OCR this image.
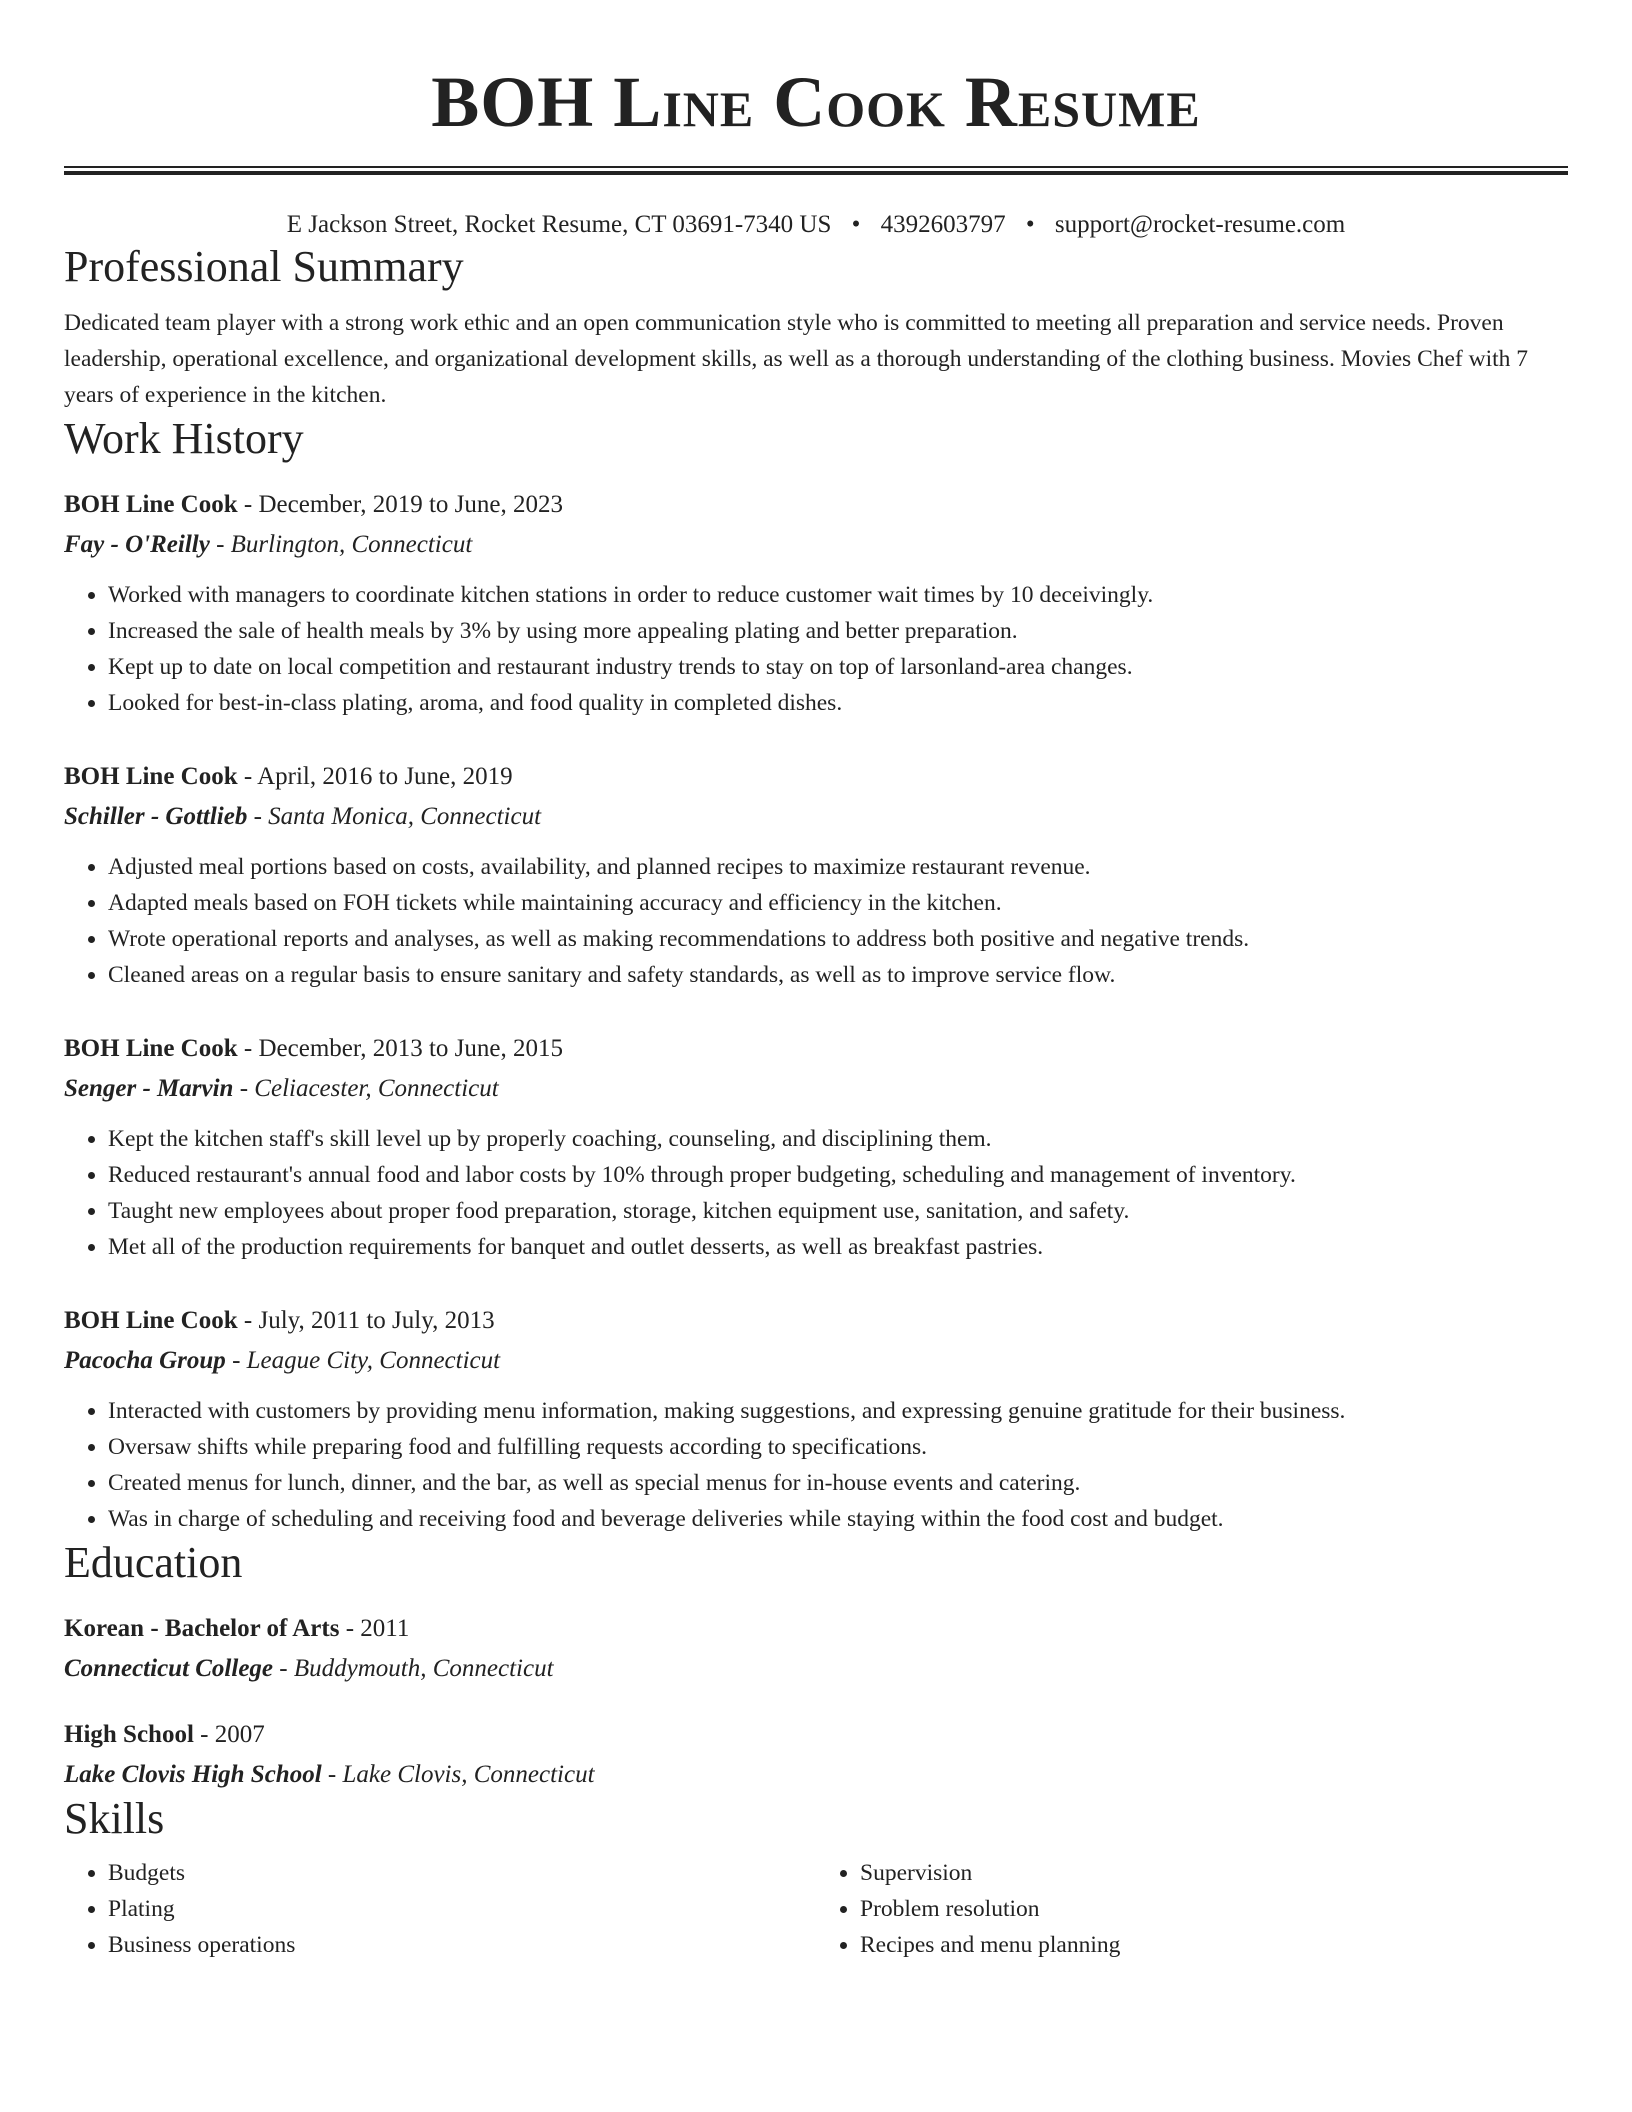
BOH Line Cook Resume
E Jackson Street, Rocket Resume, CT 03691-7340 US • 4392603797 • support@rocket-resume.com
Professional Summary

Dedicated team player with a strong work ethic and an open communication style who is committed to meeting all preparation and service needs. Proven leadership, operational excellence, and organizational development skills, as well as a thorough understanding of the clothing business. Movies Chef with 7 years of experience in the kitchen.

Work History
BOH Line Cook - December, 2019 to June, 2023
Fay - O'Reilly - Burlington, Connecticut
• Worked with managers to coordinate kitchen stations in order to reduce customer wait times by 10 deceivingly.
• Increased the sale of health meals by 3% by using more appealing plating and better preparation.
• Kept up to date on local competition and restaurant industry trends to stay on top of larsonland-area changes.
• Looked for best-in-class plating, aroma, and food quality in completed dishes.
BOH Line Cook - April, 2016 to June, 2019
Schiller - Gottlieb - Santa Monica, Connecticut
• Adjusted meal portions based on costs, availability, and planned recipes to maximize restaurant revenue.
• Adapted meals based on FOH tickets while maintaining accuracy and efficiency in the kitchen.
• Wrote operational reports and analyses, as well as making recommendations to address both positive and negative trends.
• Cleaned areas on a regular basis to ensure sanitary and safety standards, as well as to improve service flow.
BOH Line Cook - December, 2013 to June, 2015
Senger - Marvin - Celiacester, Connecticut
• Kept the kitchen staff's skill level up by properly coaching, counseling, and disciplining them.
• Reduced restaurant's annual food and labor costs by 10% through proper budgeting, scheduling and management of inventory.
• Taught new employees about proper food preparation, storage, kitchen equipment use, sanitation, and safety.
• Met all of the production requirements for banquet and outlet desserts, as well as breakfast pastries.
BOH Line Cook - July, 2011 to July, 2013
Pacocha Group - League City, Connecticut
• Interacted with customers by providing menu information, making suggestions, and expressing genuine gratitude for their business.
• Oversaw shifts while preparing food and fulfilling requests according to specifications.
• Created menus for lunch, dinner, and the bar, as well as special menus for in-house events and catering.
• Was in charge of scheduling and receiving food and beverage deliveries while staying within the food cost and budget.
Education
Korean - Bachelor of Arts - 2011
Connecticut College - Buddymouth, Connecticut
High School - 2007
Lake Clovis High School - Lake Clovis, Connecticut
Skills
• Budgets
• Plating
• Business operations
• Supervision
• Problem resolution
• Recipes and menu planning
